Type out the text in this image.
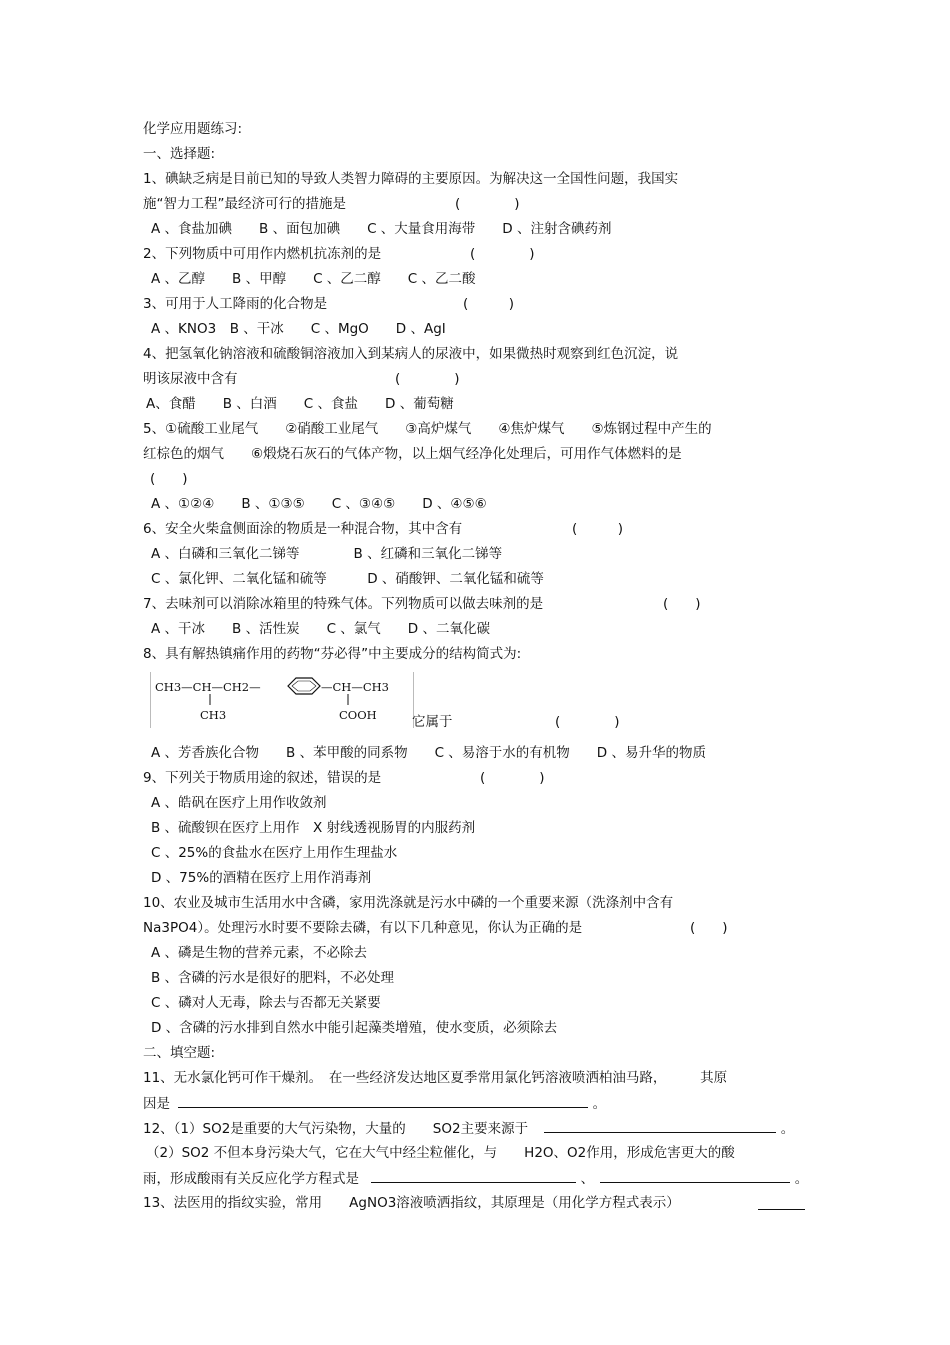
化学应用题练习:
一、选择题:
1、碘缺乏病是目前已知的导致人类智力障碍的主要原因。为解决这一全国性问题，我国实
施“智力工程”最经济可行的措施是	(　　　　)
A 、食盐加碘　　B 、面包加碘　　C 、大量食用海带　　D 、注射含碘药剂
2、下列物质中可用作内燃机抗冻剂的是	(　　　　)
A 、乙醇　　B 、甲醇　　C 、乙二醇　　C 、乙二酸
3、可用于人工降雨的化合物是	(　　　)
A 、KNO3　B 、干冰　　C 、MgO　　D 、AgI
4、把氢氧化钠溶液和硫酸铜溶液加入到某病人的尿液中，如果微热时观察到红色沉淀，说
明该尿液中含有	(　　　　)
A、食醋　　B 、白酒　　C 、食盐　　D 、葡萄糖
5、①硫酸工业尾气　　②硝酸工业尾气　　③高炉煤气　　④焦炉煤气　　⑤炼钢过程中产生的
红棕色的烟气　　⑥煅烧石灰石的气体产物，以上烟气经净化处理后，可用作气体燃料的是
(　　)
A 、①②④　　B 、①③⑤　　C 、③④⑤　　D 、④⑤⑥
6、安全火柴盒侧面涂的物质是一种混合物，其中含有	(　　　)
A 、白磷和三氧化二锑等　　　　B 、红磷和三氧化二锑等
C 、氯化钾、二氧化锰和硫等　　　D 、硝酸钾、二氧化锰和硫等
7、去味剂可以消除冰箱里的特殊气体。下列物质可以做去味剂的是	(　　)
A 、干冰　　B 、活性炭　　C 、氯气　　D 、二氧化碳
8、具有解热镇痛作用的药物“芬必得”中主要成分的结构简式为:
CH3—CH—CH2—	—CH—CH3
CH3	COOH	它属于	(　　　　)
A 、芳香族化合物　　B 、苯甲酸的同系物　　C 、易溶于水的有机物　　D 、易升华的物质
9、下列关于物质用途的叙述，错误的是	(　　　　)
A 、皓矾在医疗上用作收敛剂
B 、硫酸钡在医疗上用作　X 射线透视肠胃的内服药剂
C 、25%的食盐水在医疗上用作生理盐水
D 、75%的酒精在医疗上用作消毒剂
10、农业及城市生活用水中含磷，家用洗涤就是污水中磷的一个重要来源（洗涤剂中含有
Na3PO4）。处理污水时要不要除去磷，有以下几种意见，你认为正确的是	(　　)
A 、磷是生物的营养元素，不必除去
B 、含磷的污水是很好的肥料，不必处理
C 、磷对人无毒，除去与否都无关紧要
D 、含磷的污水排到自然水中能引起藻类增殖，使水变质，必须除去
二、填空题:
11、无水氯化钙可作干燥剂。　在一些经济发达地区夏季常用氯化钙溶液喷洒柏油马路，　　　其原
因是	。
12、（1）SO2是重要的大气污染物，大量的　　SO2主要来源于	。
（2）SO2 不但本身污染大气，它在大气中经尘粒催化，与　　H2O、O2作用，形成危害更大的酸
雨，形成酸雨有关反应化学方程式是	、	。
13、法医用的指纹实验，常用　　AgNO3溶液喷洒指纹，其原理是（用化学方程式表示）
